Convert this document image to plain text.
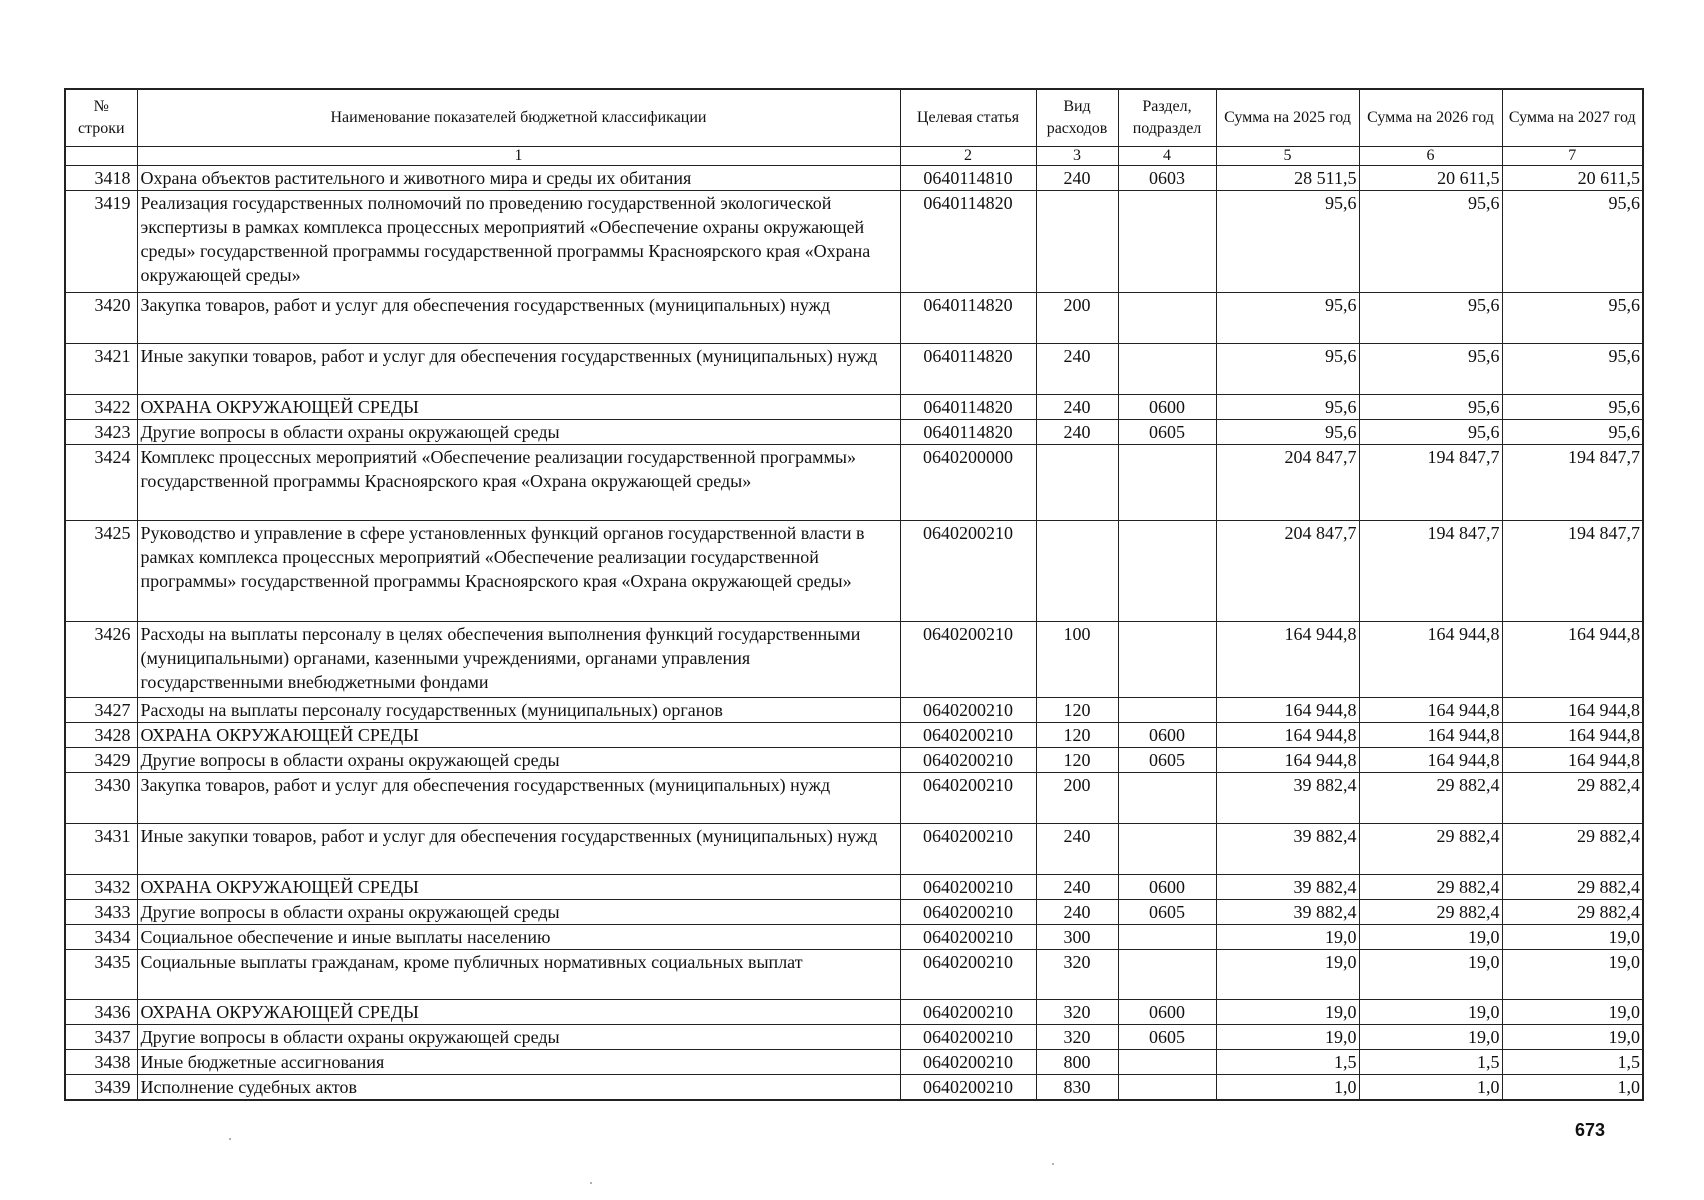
№ строки	Наименование показателей бюджетной классификации	Целевая статья	Вид расходов	Раздел, подраздел	Сумма на 2025 год	Сумма на 2026 год	Сумма на 2027 год
	1	2	3	4	5	6	7
3418	Охрана объектов растительного и животного мира и среды их обитания	0640114810	240	0603	28 511,5	20 611,5	20 611,5
3419	Реализация государственных полномочий по проведению государственной экологической экспертизы в рамках комплекса процессных мероприятий «Обеспечение охраны окружающей среды» государственной программы государственной программы Красноярского края «Охрана окружающей среды»	0640114820			95,6	95,6	95,6
3420	Закупка товаров, работ и услуг для обеспечения государственных (муниципальных) нужд	0640114820	200		95,6	95,6	95,6
3421	Иные закупки товаров, работ и услуг для обеспечения государственных (муниципальных) нужд	0640114820	240		95,6	95,6	95,6
3422	ОХРАНА ОКРУЖАЮЩЕЙ СРЕДЫ	0640114820	240	0600	95,6	95,6	95,6
3423	Другие вопросы в области охраны окружающей среды	0640114820	240	0605	95,6	95,6	95,6
3424	Комплекс процессных мероприятий «Обеспечение реализации государственной программы» государственной программы Красноярского края «Охрана окружающей среды»	0640200000			204 847,7	194 847,7	194 847,7
3425	Руководство и управление в сфере установленных функций органов государственной власти в рамках комплекса процессных мероприятий «Обеспечение реализации государственной программы» государственной программы Красноярского края «Охрана окружающей среды»	0640200210			204 847,7	194 847,7	194 847,7
3426	Расходы на выплаты персоналу в целях обеспечения выполнения функций государственными (муниципальными) органами, казенными учреждениями, органами управления государственными внебюджетными фондами	0640200210	100		164 944,8	164 944,8	164 944,8
3427	Расходы на выплаты персоналу государственных (муниципальных) органов	0640200210	120		164 944,8	164 944,8	164 944,8
3428	ОХРАНА ОКРУЖАЮЩЕЙ СРЕДЫ	0640200210	120	0600	164 944,8	164 944,8	164 944,8
3429	Другие вопросы в области охраны окружающей среды	0640200210	120	0605	164 944,8	164 944,8	164 944,8
3430	Закупка товаров, работ и услуг для обеспечения государственных (муниципальных) нужд	0640200210	200		39 882,4	29 882,4	29 882,4
3431	Иные закупки товаров, работ и услуг для обеспечения государственных (муниципальных) нужд	0640200210	240		39 882,4	29 882,4	29 882,4
3432	ОХРАНА ОКРУЖАЮЩЕЙ СРЕДЫ	0640200210	240	0600	39 882,4	29 882,4	29 882,4
3433	Другие вопросы в области охраны окружающей среды	0640200210	240	0605	39 882,4	29 882,4	29 882,4
3434	Социальное обеспечение и иные выплаты населению	0640200210	300		19,0	19,0	19,0
3435	Социальные выплаты гражданам, кроме публичных нормативных социальных выплат	0640200210	320		19,0	19,0	19,0
3436	ОХРАНА ОКРУЖАЮЩЕЙ СРЕДЫ	0640200210	320	0600	19,0	19,0	19,0
3437	Другие вопросы в области охраны окружающей среды	0640200210	320	0605	19,0	19,0	19,0
3438	Иные бюджетные ассигнования	0640200210	800		1,5	1,5	1,5
3439	Исполнение судебных актов	0640200210	830		1,0	1,0	1,0
673
